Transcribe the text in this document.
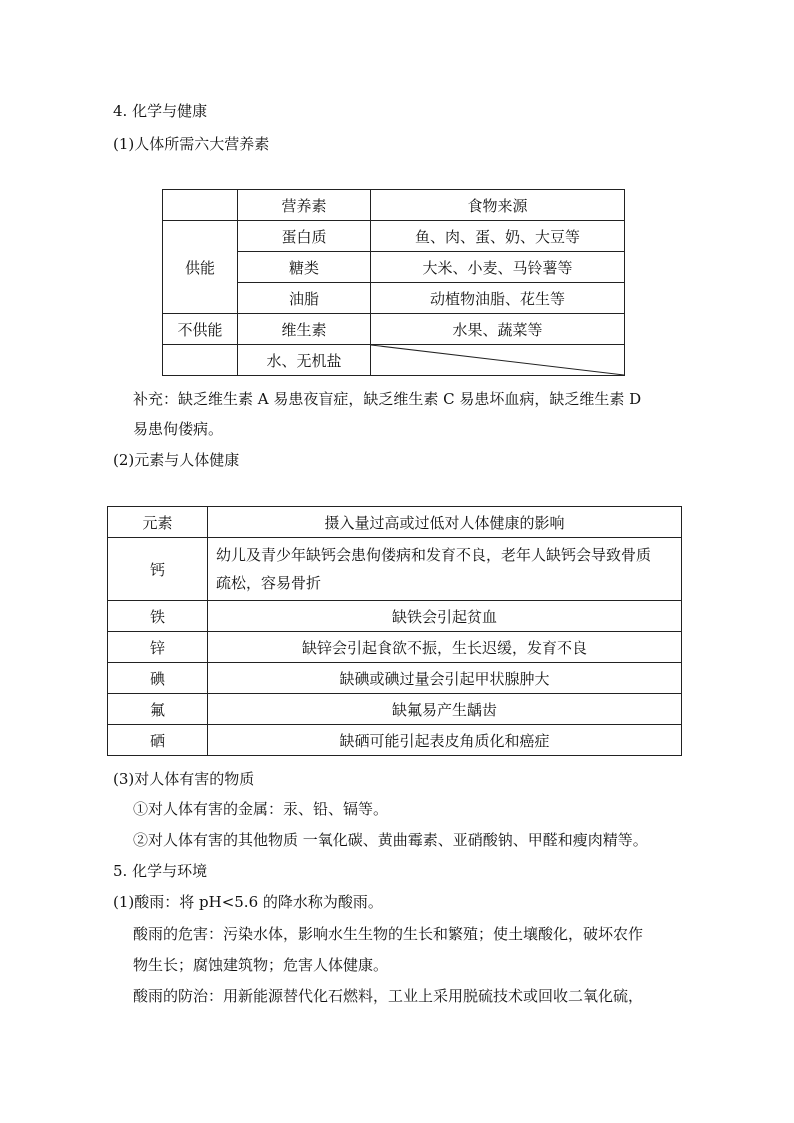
4. 化学与健康
(1)人体所需六大营养素
	营养素	食物来源
供能	蛋白质	鱼、肉、蛋、奶、大豆等
	糖类	大米、小麦、马铃薯等
	油脂	动植物油脂、花生等
不供能	维生素	水果、蔬菜等
	水、无机盐	
补充：缺乏维生素 A 易患夜盲症，缺乏维生素 C 易患坏血病，缺乏维生素 D
易患佝偻病。
(2)元素与人体健康
元素	摄入量过高或过低对人体健康的影响
钙	幼儿及青少年缺钙会患佝偻病和发育不良，老年人缺钙会导致骨质
疏松，容易骨折

铁	缺铁会引起贫血
锌	缺锌会引起食欲不振，生长迟缓，发育不良
碘	缺碘或碘过量会引起甲状腺肿大
氟	缺氟易产生龋齿
硒	缺硒可能引起表皮角质化和癌症
(3)对人体有害的物质
①对人体有害的金属：汞、铅、镉等。
②对人体有害的其他物质 一氧化碳、黄曲霉素、亚硝酸钠、甲醛和瘦肉精等。
5. 化学与环境
(1)酸雨：将 pH<5.6 的降水称为酸雨。
酸雨的危害：污染水体，影响水生生物的生长和繁殖；使土壤酸化，破坏农作
物生长；腐蚀建筑物；危害人体健康。
酸雨的防治：用新能源替代化石燃料，工业上采用脱硫技术或回收二氧化硫，
